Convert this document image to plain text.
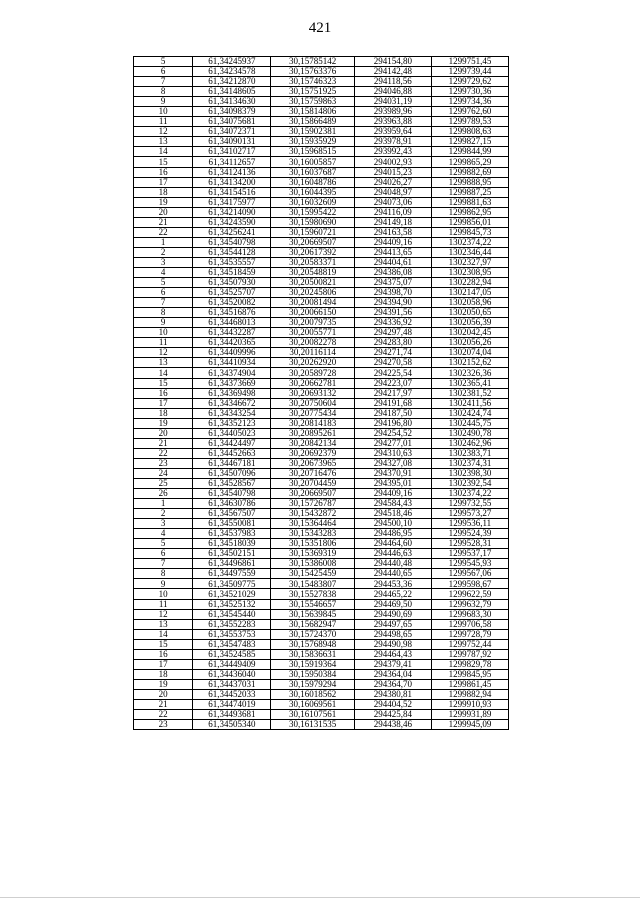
421
5	61,34245937	30,15785142	294154,80	1299751,45
6	61,34234578	30,15763376	294142,48	1299739,44
7	61,34212870	30,15746323	294118,56	1299729,62
8	61,34148605	30,15751925	294046,88	1299730,36
9	61,34134630	30,15759863	294031,19	1299734,36
10	61,34098379	30,15814806	293989,96	1299762,60
11	61,34075681	30,15866489	293963,88	1299789,53
12	61,34072371	30,15902381	293959,64	1299808,63
13	61,34090131	30,15935929	293978,91	1299827,15
14	61,34102717	30,15968515	293992,43	1299844,99
15	61,34112657	30,16005857	294002,93	1299865,29
16	61,34124136	30,16037687	294015,23	1299882,69
17	61,34134200	30,16048786	294026,27	1299888,95
18	61,34154516	30,16044395	294048,97	1299887,25
19	61,34175977	30,16032609	294073,06	1299881,63
20	61,34214090	30,15995422	294116,09	1299862,95
21	61,34243590	30,15980690	294149,18	1299856,01
22	61,34256241	30,15960721	294163,58	1299845,73
1	61,34540798	30,20669507	294409,16	1302374,22
2	61,34544128	30,20617392	294413,65	1302346,44
3	61,34535557	30,20583371	294404,61	1302327,97
4	61,34518459	30,20548819	294386,08	1302308,95
5	61,34507930	30,20500821	294375,07	1302282,94
6	61,34525707	30,20245806	294398,70	1302147,05
7	61,34520082	30,20081494	294394,90	1302058,96
8	61,34516876	30,20066150	294391,56	1302050,65
9	61,34468013	30,20079735	294336,92	1302056,39
10	61,34432287	30,20055771	294297,48	1302042,45
11	61,34420365	30,20082278	294283,80	1302056,26
12	61,34409996	30,20116114	294271,74	1302074,04
13	61,34410934	30,20262920	294270,58	1302152,62
14	61,34374904	30,20589728	294225,54	1302326,36
15	61,34373669	30,20662781	294223,07	1302365,41
16	61,34369498	30,20693132	294217,97	1302381,52
17	61,34346672	30,20750604	294191,68	1302411,56
18	61,34343254	30,20775434	294187,50	1302424,74
19	61,34352123	30,20814183	294196,80	1302445,75
20	61,34405023	30,20895261	294254,52	1302490,78
21	61,34424497	30,20842134	294277,01	1302462,96
22	61,34452663	30,20692379	294310,63	1302383,71
23	61,34467181	30,20673965	294327,08	1302374,31
24	61,34507096	30,20716476	294370,91	1302398,30
25	61,34528567	30,20704459	294395,01	1302392,54
26	61,34540798	30,20669507	294409,16	1302374,22
1	61,34630786	30,15726787	294584,43	1299732,55
2	61,34567507	30,15432872	294518,46	1299573,27
3	61,34550081	30,15364464	294500,10	1299536,11
4	61,34537983	30,15343283	294486,95	1299524,39
5	61,34518039	30,15351806	294464,60	1299528,31
6	61,34502151	30,15369319	294446,63	1299537,17
7	61,34496861	30,15386008	294440,48	1299545,93
8	61,34497559	30,15425459	294440,65	1299567,06
9	61,34509775	30,15483807	294453,36	1299598,67
10	61,34521029	30,15527838	294465,22	1299622,59
11	61,34525132	30,15546657	294469,50	1299632,79
12	61,34545440	30,15639845	294490,69	1299683,30
13	61,34552283	30,15682947	294497,65	1299706,58
14	61,34553753	30,15724370	294498,65	1299728,79
15	61,34547483	30,15768948	294490,98	1299752,44
16	61,34524585	30,15836631	294464,43	1299787,92
17	61,34449409	30,15919364	294379,41	1299829,78
18	61,34436040	30,15950384	294364,04	1299845,95
19	61,34437031	30,15979294	294364,70	1299861,45
20	61,34452033	30,16018562	294380,81	1299882,94
21	61,34474019	30,16069561	294404,52	1299910,93
22	61,34493681	30,16107561	294425,84	1299931,89
23	61,34505340	30,16131535	294438,46	1299945,09
